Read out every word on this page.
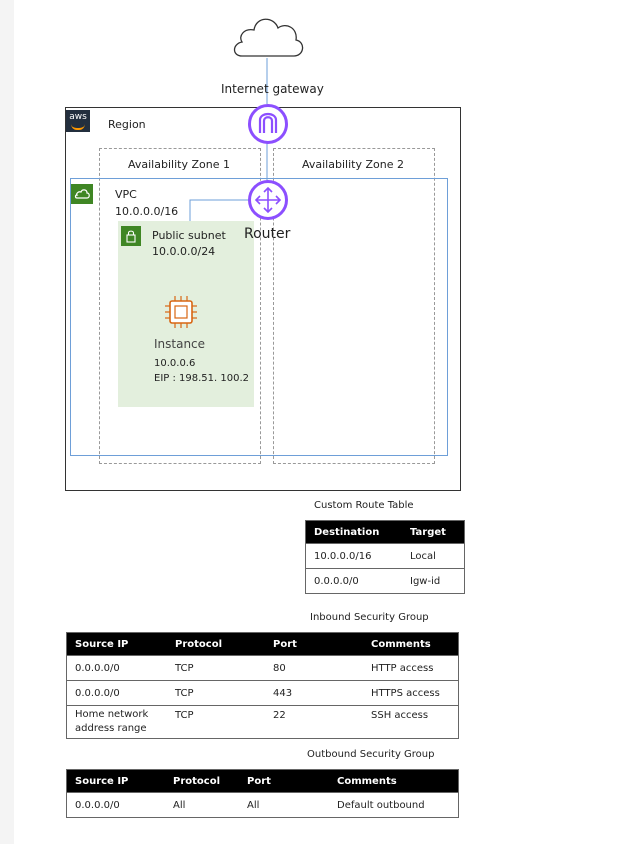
Internet gateway
aws
Region
Availability Zone 1	Availability Zone 2
VPC
10.0.0.0/16
Public subnet
10.0.0.0/24
Instance
10.0.0.6
EIP : 198.51. 100.2
Router
Custom Route Table
Destination	Target
10.0.0.0/16	Local
0.0.0.0/0	Igw-id
Inbound Security Group
Source IP	Protocol	Port	Comments
0.0.0.0/0	TCP	80	HTTP access
0.0.0.0/0	TCP	443	HTTPS access
Home network address range	TCP	22	SSH access
Outbound Security Group
Source IP	Protocol	Port	Comments
0.0.0.0/0	All	All	Default outbound
